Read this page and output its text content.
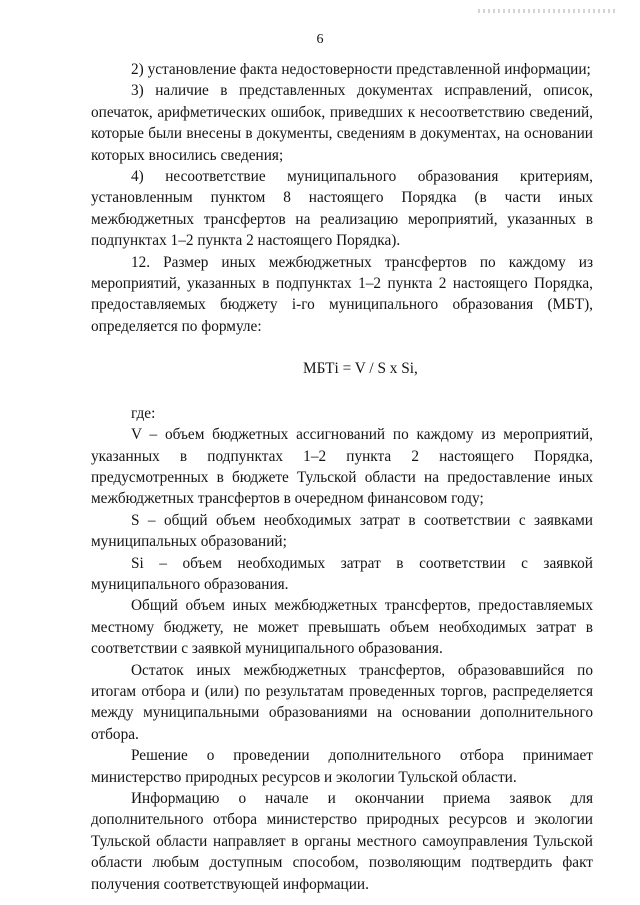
6

2) установление факта недостоверности представленной информации;

3) наличие в представленных документах исправлений, описок, опечаток, арифметических ошибок, приведших к несоответствию сведений, которые были внесены в документы, сведениям в документах, на основании которых вносились сведения;

4) несоответствие муниципального образования критериям, установленным пунктом 8 настоящего Порядка (в части иных межбюджетных трансфертов на реализацию мероприятий, указанных в подпунктах 1–2 пункта 2 настоящего Порядка).

12. Размер иных межбюджетных трансфертов по каждому из мероприятий, указанных в подпунктах 1–2 пункта 2 настоящего Порядка, предоставляемых бюджету i-го муниципального образования (МБТ), определяется по формуле:

МБТi = V / S x Si,

где:

V – объем бюджетных ассигнований по каждому из мероприятий, указанных в подпунктах 1–2 пункта 2 настоящего Порядка, предусмотренных в бюджете Тульской области на предоставление иных межбюджетных трансфертов в очередном финансовом году;

S – общий объем необходимых затрат в соответствии с заявками муниципальных образований;

Si – объем необходимых затрат в соответствии с заявкой муниципального образования.

Общий объем иных межбюджетных трансфертов, предоставляемых местному бюджету, не может превышать объем необходимых затрат в соответствии с заявкой муниципального образования.

Остаток иных межбюджетных трансфертов, образовавшийся по итогам отбора и (или) по результатам проведенных торгов, распределяется между муниципальными образованиями на основании дополнительного отбора.

Решение о проведении дополнительного отбора принимает министерство природных ресурсов и экологии Тульской области.

Информацию о начале и окончании приема заявок для дополнительного отбора министерство природных ресурсов и экологии Тульской области направляет в органы местного самоуправления Тульской области любым доступным способом, позволяющим подтвердить факт получения соответствующей информации.
